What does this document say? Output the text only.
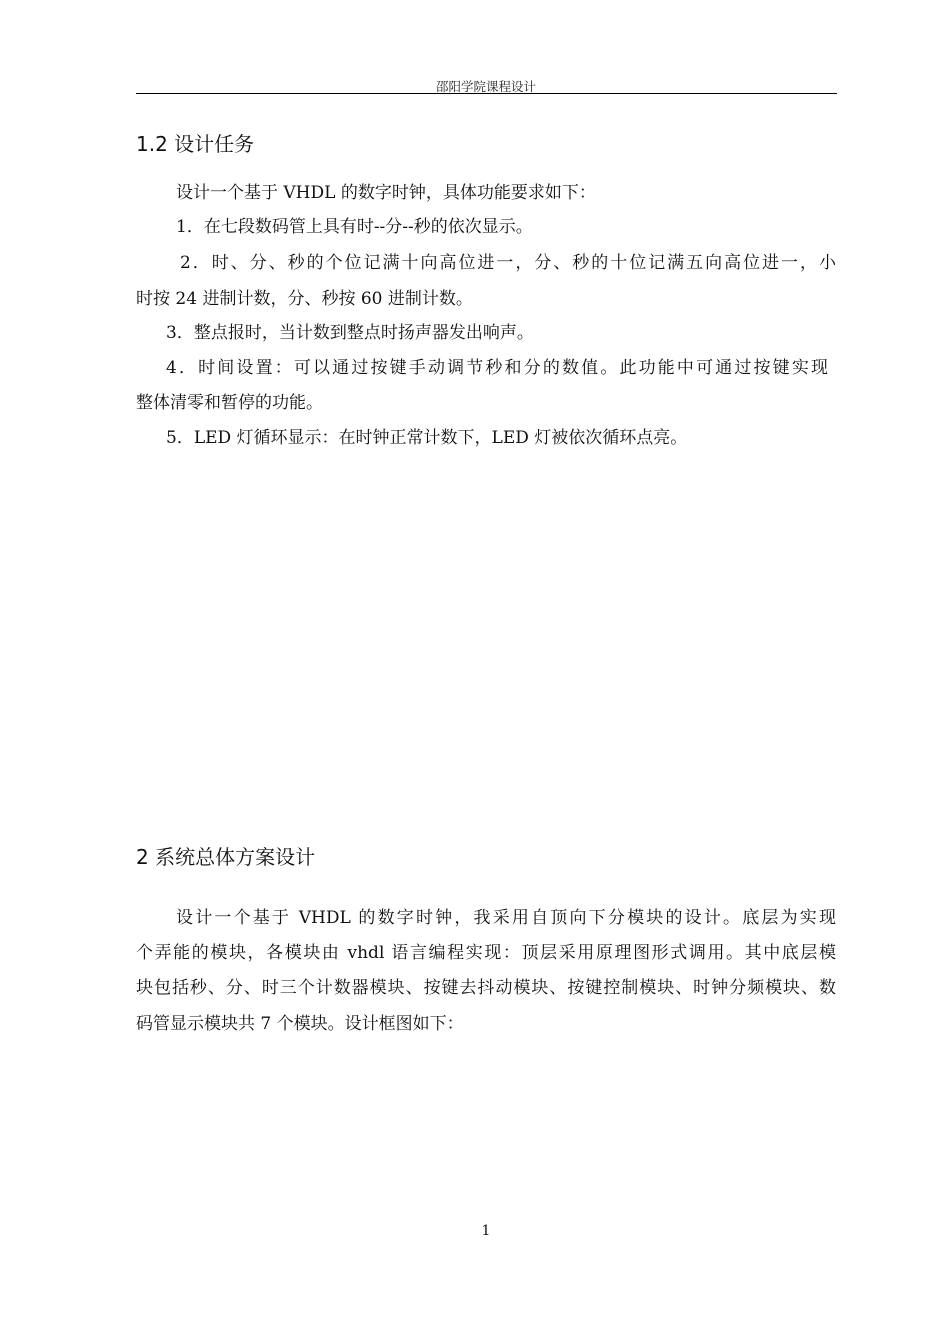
邵阳学院课程设计
1.2 设计任务
设计一个基于 VHDL 的数字时钟，具体功能要求如下：
1．在七段数码管上具有时--分--秒的依次显示。
2．时、分、秒的个位记满十向高位进一，分、秒的十位记满五向高位进一，小
时按 24 进制计数，分、秒按 60 进制计数。
3．整点报时，当计数到整点时扬声器发出响声。
4．时间设置：可以通过按键手动调节秒和分的数值。此功能中可通过按键实现
整体清零和暂停的功能。
5．LED 灯循环显示：在时钟正常计数下，LED 灯被依次循环点亮。
2 系统总体方案设计
设计一个基于 VHDL 的数字时钟，我采用自顶向下分模块的设计。底层为实现
个弄能的模块，各模块由 vhdl 语言编程实现：顶层采用原理图形式调用。其中底层模
块包括秒、分、时三个计数器模块、按键去抖动模块、按键控制模块、时钟分频模块、数
码管显示模块共 7 个模块。设计框图如下：
1
